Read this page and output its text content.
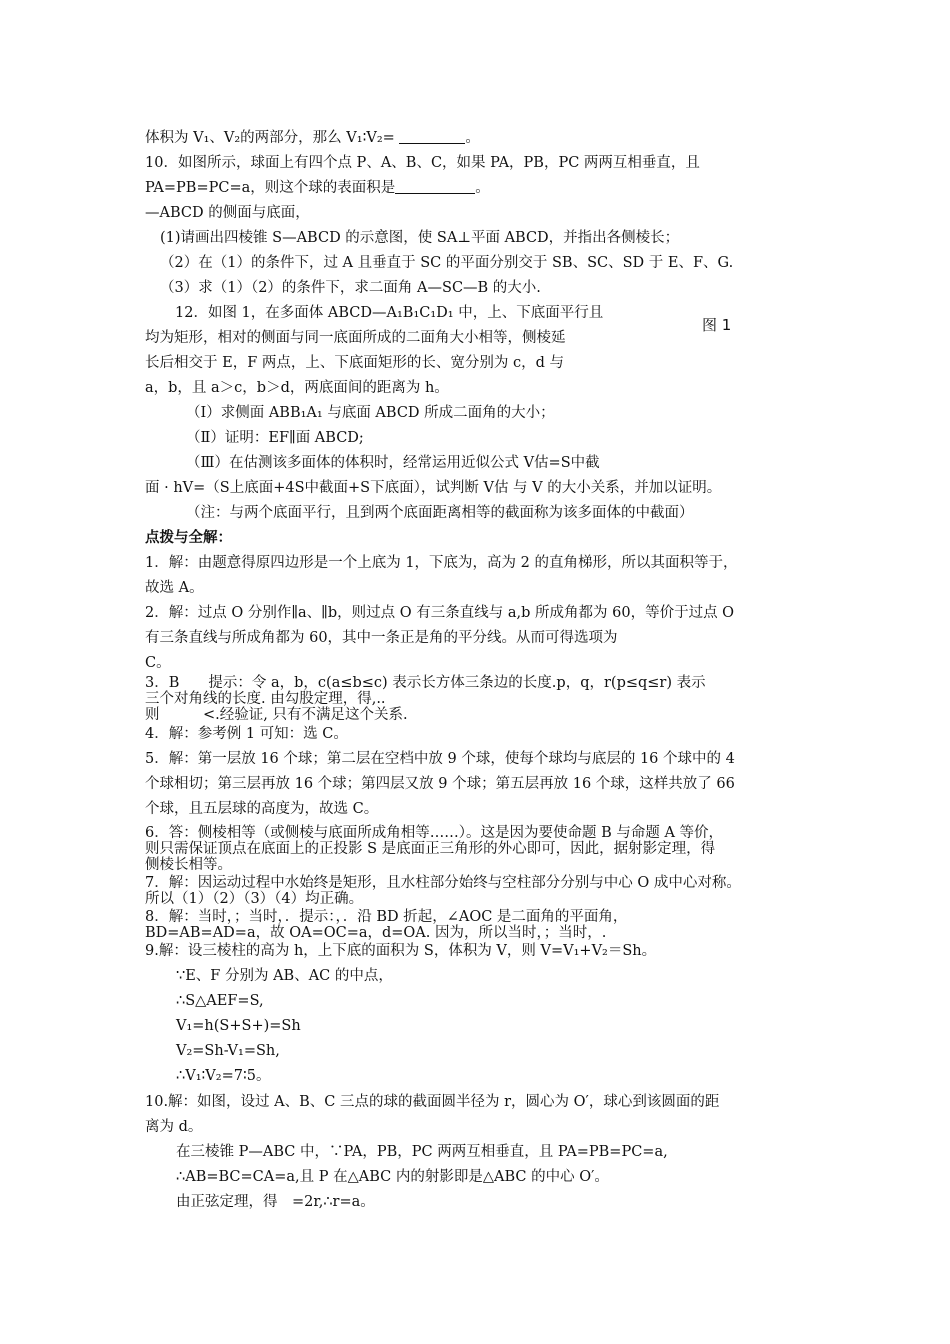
体积为 V₁、V₂的两部分，那么 V₁∶V₂=	。
10．如图所示，球面上有四个点 P、A、B、C，如果 PA，PB，PC 两两互相垂直，且
PA=PB=PC=a，则这个球的表面积是	。
—ABCD 的侧面与底面，
(1)请画出四棱锥 S—ABCD 的示意图，使 SA⊥平面 ABCD，并指出各侧棱长；
（2）在（1）的条件下，过 A 且垂直于 SC 的平面分别交于 SB、SC、SD 于 E、F、G.
（3）求（1）（2）的条件下，求二面角 A—SC—B 的大小.
12．如图 1，在多面体 ABCD—A₁B₁C₁D₁ 中，上、下底面平行且
图 1
均为矩形，相对的侧面与同一底面所成的二面角大小相等，侧棱延
长后相交于 E，F 两点，上、下底面矩形的长、宽分别为 c，d 与
a，b，且 a＞c，b＞d，两底面间的距离为 h。
（Ⅰ）求侧面 ABB₁A₁ 与底面 ABCD 所成二面角的大小；
（Ⅱ）证明：EF∥面 ABCD;
（Ⅲ）在估测该多面体的体积时，经常运用近似公式 V估=S中截
面 · hV=（S上底面+4S中截面+S下底面），试判断 V估 与 V 的大小关系，并加以证明。
（注：与两个底面平行，且到两个底面距离相等的截面称为该多面体的中截面）
点拨与全解：
1．解：由题意得原四边形是一个上底为 1，下底为，高为 2 的直角梯形，所以其面积等于，
故选 A。
2．解：过点 O 分别作∥a、∥b，则过点 O 有三条直线与 a,b 所成角都为 60，等价于过点 O
有三条直线与所成角都为 60，其中一条正是角的平分线。从而可得选项为
C。
3．B　　提示：令 a，b，c(a≤b≤c) 表示长方体三条边的长度.p，q，r(p≤q≤r) 表示
三个对角线的长度. 由勾股定理，得,..
则　　　<.经验证, 只有不满足这个关系.
4．解：参考例 1 可知：选 C。
5．解：第一层放 16 个球；第二层在空档中放 9 个球，使每个球均与底层的 16 个球中的 4
个球相切；第三层再放 16 个球；第四层又放 9 个球；第五层再放 16 个球，这样共放了 66
个球，且五层球的高度为，故选 C。
6．答：侧棱相等（或侧棱与底面所成角相等……）。这是因为要使命题 B 与命题 A 等价，
则只需保证顶点在底面上的正投影 S 是底面正三角形的外心即可，因此，据射影定理，得
侧棱长相等。
7．解：因运动过程中水始终是矩形，且水柱部分始终与空柱部分分别与中心 O 成中心对称。
所以（1）（2）（3）（4）均正确。
8．解：当时，；当时，．提示：，．沿 BD 折起，∠AOC 是二面角的平面角，
BD=AB=AD=a，故 OA=OC=a，d=OA. 因为，所以当时，；当时，.
9.解：设三棱柱的高为 h，上下底的面积为 S，体积为 V，则 V=V₁+V₂＝Sh。
∵E、F 分别为 AB、AC 的中点，
∴S△AEF=S,
V₁=h(S+S+)=Sh
V₂=Sh-V₁=Sh,
∴V₁∶V₂=7∶5。
10.解：如图，设过 A、B、C 三点的球的截面圆半径为 r，圆心为 O′，球心到该圆面的距
离为 d。
在三棱锥 P—ABC 中，∵PA，PB，PC 两两互相垂直，且 PA=PB=PC=a,
∴AB=BC=CA=a,且 P 在△ABC 内的射影即是△ABC 的中心 O′。
由正弦定理，得　=2r,∴r=a。
